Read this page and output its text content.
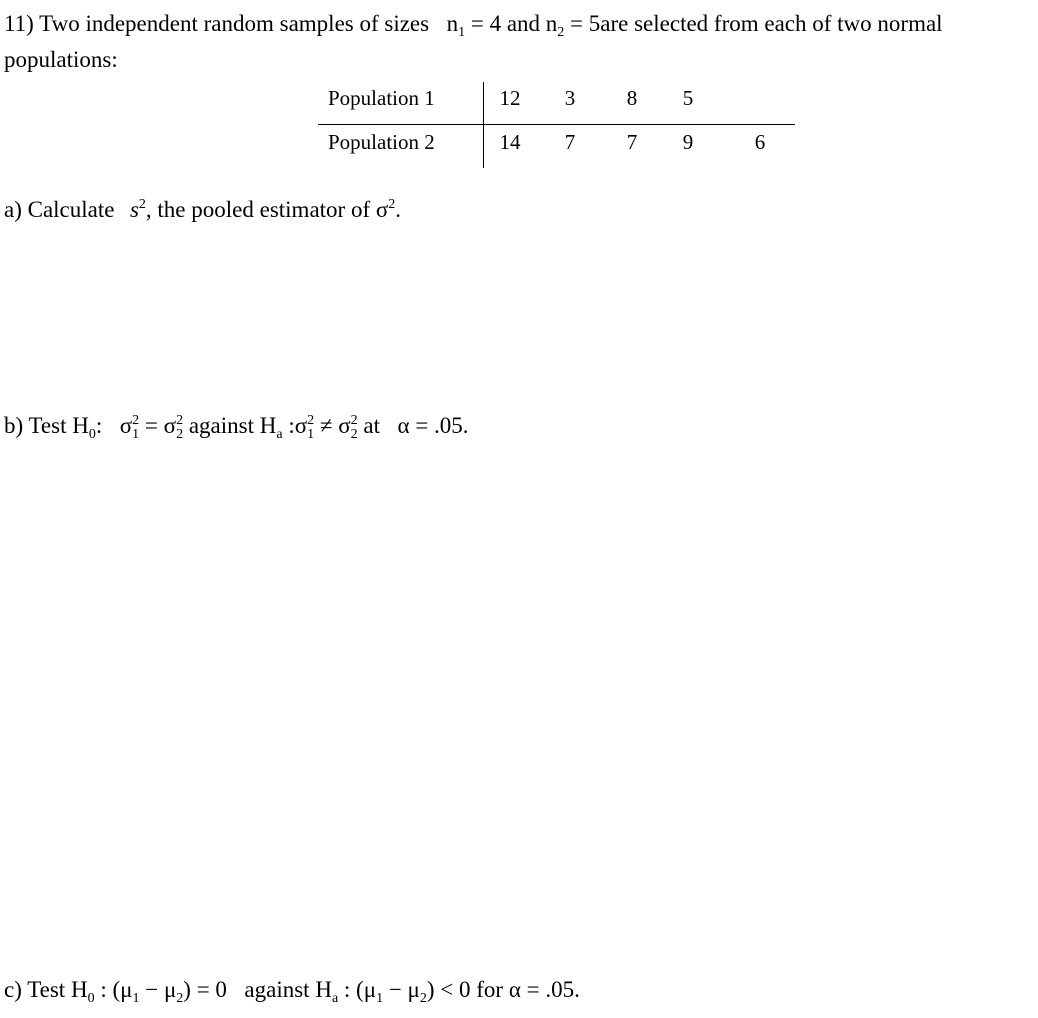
11) Two independent random samples of sizes $n_1 = 4$ and $n_2 = 5are$ selected from each of two normal
populations:
Population 1	12	3	8	5
Population 2	14	7	7	9	6
a) Calculate $s^2$, the pooled estimator of $\sigma^2$.
b) Test $H_0$: $\sigma^2_1 = \sigma^2_2$ against $H_a$ $:\sigma^2_1 \ne \sigma^2_2$ at α = .05.
c) Test $H_0$ : $(\mu_1 - \mu_2) = 0$ against $H_a$ : $(\mu_1 - \mu_2) < 0$ for α = .05.
